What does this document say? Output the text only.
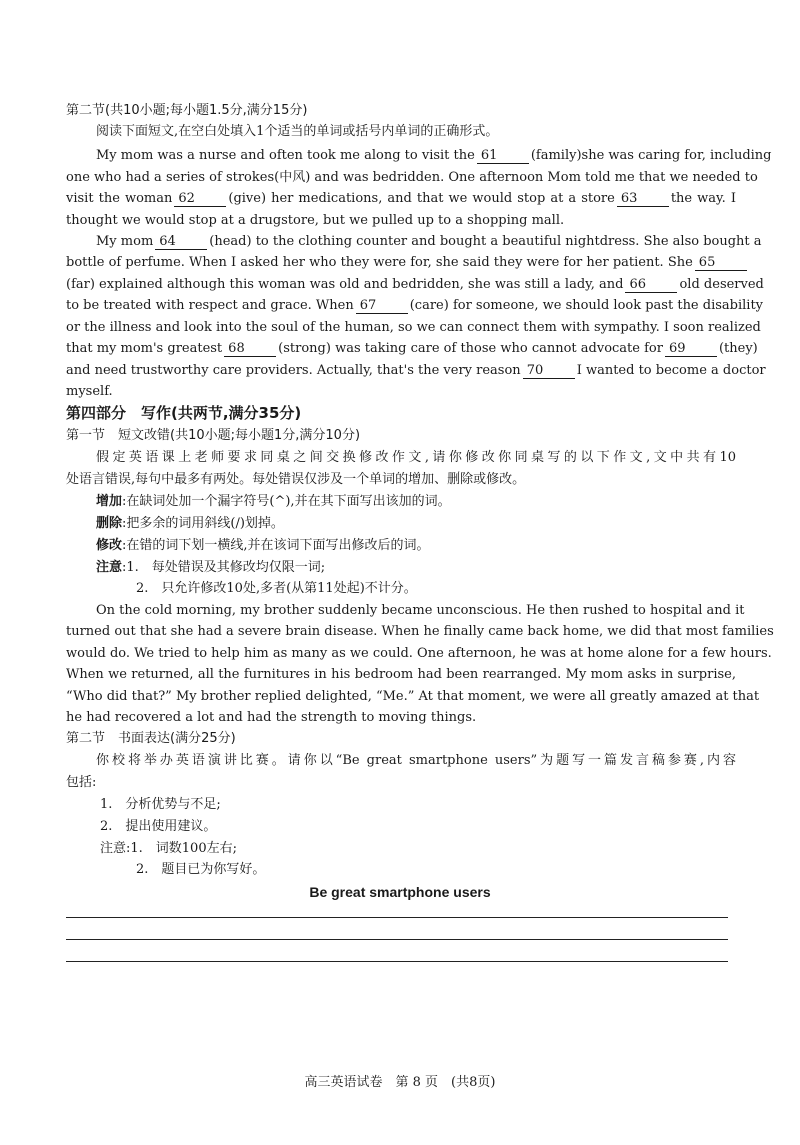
第二节(共10小题;每小题1.5分,满分15分)
阅读下面短文,在空白处填入1个适当的单词或括号内单词的正确形式。
My mom was a nurse and often took me along to visit the 61	(family)she was caring for, including
one who had a series of strokes(中风) and was bedridden. One afternoon Mom told me that we needed to
visit the woman 62	(give) her medications, and that we would stop at a store 63	the way. I
thought we would stop at a drugstore, but we pulled up to a shopping mall.
My mom 64	(head) to the clothing counter and bought a beautiful nightdress. She also bought a
bottle of perfume. When I asked her who they were for, she said they were for her patient. She 65
(far) explained although this woman was old and bedridden, she was still a lady, and 66	old deserved
to be treated with respect and grace. When 67	(care) for someone, we should look past the disability
or the illness and look into the soul of the human, so we can connect them with sympathy. I soon realized
that my mom's greatest 68	(strong) was taking care of those who cannot advocate for 69	(they)
and need trustworthy care providers. Actually, that's the very reason 70	I wanted to become a doctor
myself.
第四部分　写作(共两节,满分35分)
第一节　短文改错(共10小题;每小题1分,满分10分)
假定英语课上老师要求同桌之间交换修改作文,请你修改你同桌写的以下作文,文中共有10
处语言错误,每句中最多有两处。每处错误仅涉及一个单词的增加、删除或修改。
增加:在缺词处加一个漏字符号(^),并在其下面写出该加的词。
删除:把多余的词用斜线(/)划掉。
修改:在错的词下划一横线,并在该词下面写出修改后的词。
注意:1.　每处错误及其修改均仅限一词;
2.　只允许修改10处,多者(从第11处起)不计分。
On the cold morning, my brother suddenly became unconscious. He then rushed to hospital and it
turned out that she had a severe brain disease. When he finally came back home, we did that most families
would do. We tried to help him as many as we could. One afternoon, he was at home alone for a few hours.
When we returned, all the furnitures in his bedroom had been rearranged. My mom asks in surprise,
“Who did that?” My brother replied delighted, “Me.” At that moment, we were all greatly amazed at that
he had recovered a lot and had the strength to moving things.
第二节　书面表达(满分25分)
你校将举办英语演讲比赛。请你以“Be great smartphone users”为题写一篇发言稿参赛,内容
包括:
1.　分析优势与不足;
2.　提出使用建议。
注意:1.　词数100左右;
2.　题目已为你写好。
Be great smartphone users
高三英语试卷　第 8 页　(共8页)
